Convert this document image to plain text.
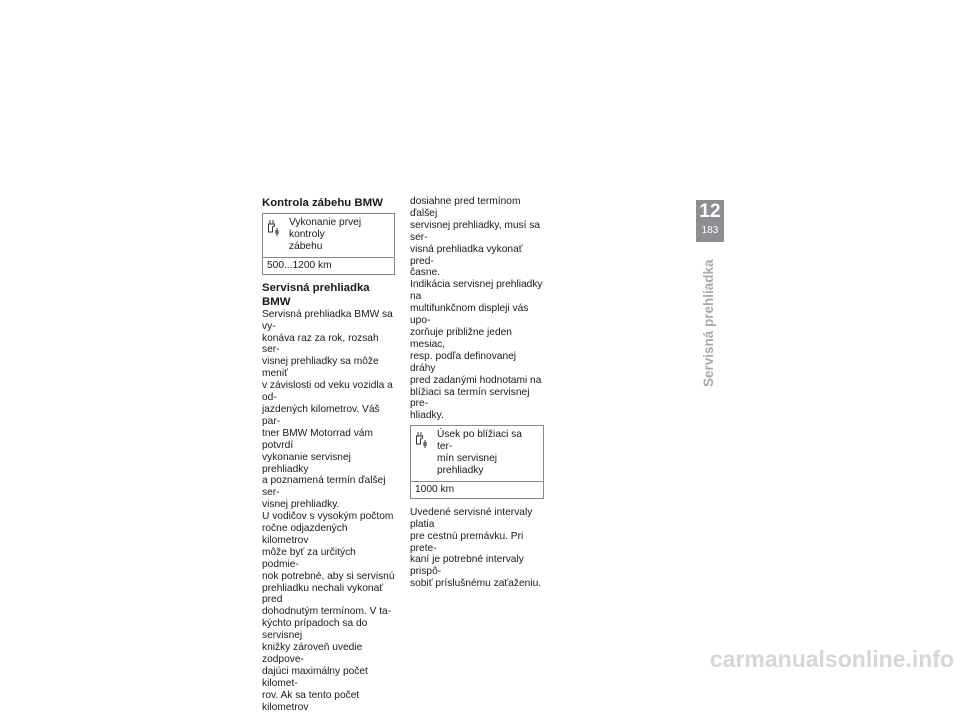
Kontrola zábehu BMW
Vykonanie prvej kontroly
zábehu
500...1200 km
Servisná prehliadka BMW
Servisná prehliadka BMW sa vy-
konáva raz za rok, rozsah ser-
visnej prehliadky sa môže meniť
v závislosti od veku vozidla a od-
jazdených kilometrov. Váš par-
tner BMW Motorrad vám potvrdí
vykonanie servisnej prehliadky
a poznamená termín ďalšej ser-
visnej prehliadky.
U vodičov s vysokým počtom
ročne odjazdených kilometrov
môže byť za určitých podmie-
nok potrebné, aby si servisnú
prehliadku nechali vykonať pred
dohodnutým termínom. V ta-
kýchto prípadoch sa do servisnej
knižky zároveň uvedie zodpove-
dajúci maximálny počet kilomet-
rov. Ak sa tento počet kilometrov
dosiahne pred termínom ďalšej
servisnej prehliadky, musí sa ser-
visná prehliadka vykonať pred-
časne.
Indikácia servisnej prehliadky na
multifunkčnom displeji vás upo-
zorňuje približne jeden mesiac,
resp. podľa definovanej dráhy
pred zadanými hodnotami na
blížiaci sa termín servisnej pre-
hliadky.
Úsek po blížiaci sa ter-
mín servisnej prehliadky
1000 km
Uvedené servisné intervaly platia
pre cestnú premávku. Pri prete-
kaní je potrebné intervaly prispô-
sobiť príslušnému zaťaženiu.
12
183
Servisná prehliadka
carmanualsonline.info
